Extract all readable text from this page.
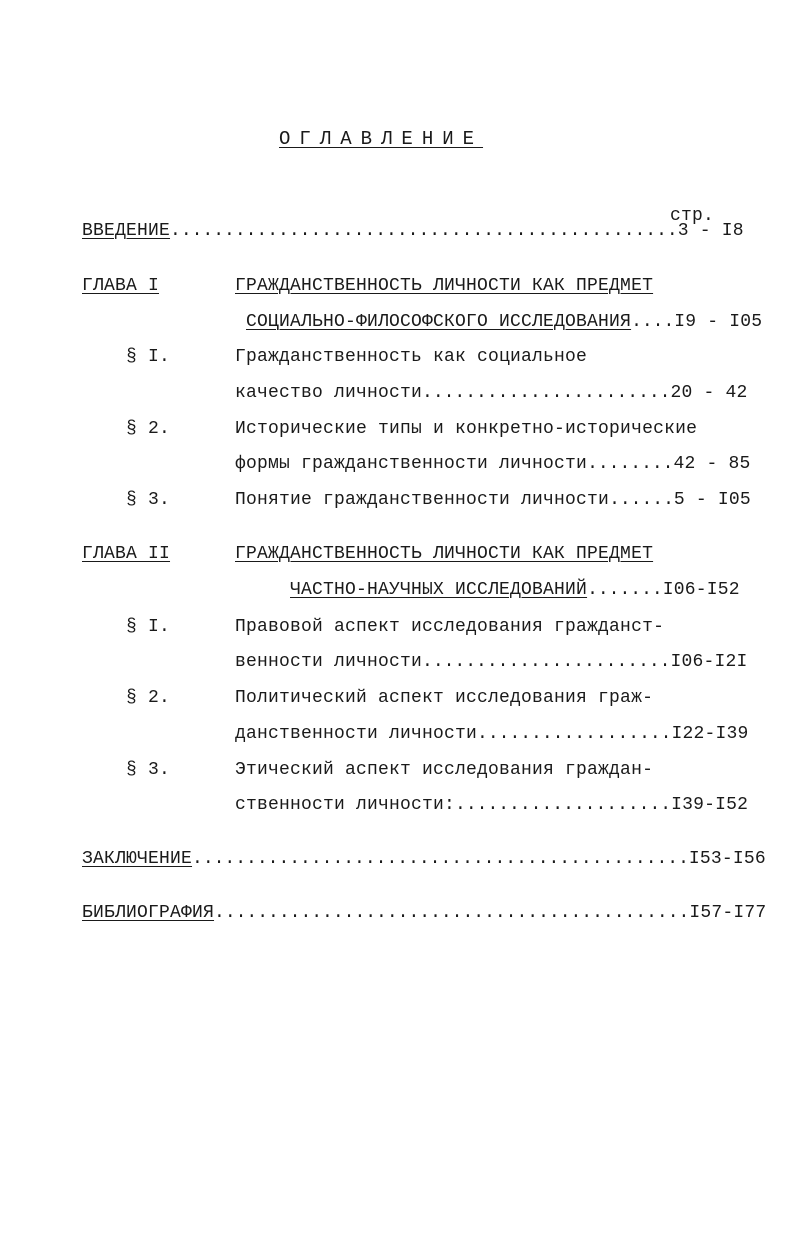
ОГЛАВЛЕНИЕ
стр.
ВВЕДЕНИЕ...............................................3 - I8
ГЛАВА I	ГРАЖДАНСТВЕННОСТЬ ЛИЧНОСТИ КАК ПРЕДМЕТ
СОЦИАЛЬНО-ФИЛОСОФСКОГО ИССЛЕДОВАНИЯ....I9 - I05
§ I.	Гражданственность как социальное
качество личности.......................20 - 42
§ 2.	Исторические типы и конкретно-исторические
формы гражданственности личности........42 - 85
§ 3.	Понятие гражданственности личности......5 - I05
ГЛАВА II	ГРАЖДАНСТВЕННОСТЬ ЛИЧНОСТИ КАК ПРЕДМЕТ
ЧАСТНО-НАУЧНЫХ ИССЛЕДОВАНИЙ.......I06-I52
§ I.	Правовой аспект исследования гражданст-
венности личности.......................I06-I2I
§ 2.	Политический аспект исследования граж-
данственности личности..................I22-I39
§ 3.	Этический аспект исследования граждан-
ственности личности:....................I39-I52
ЗАКЛЮЧЕНИЕ..............................................I53-I56
БИБЛИОГРАФИЯ............................................I57-I77
